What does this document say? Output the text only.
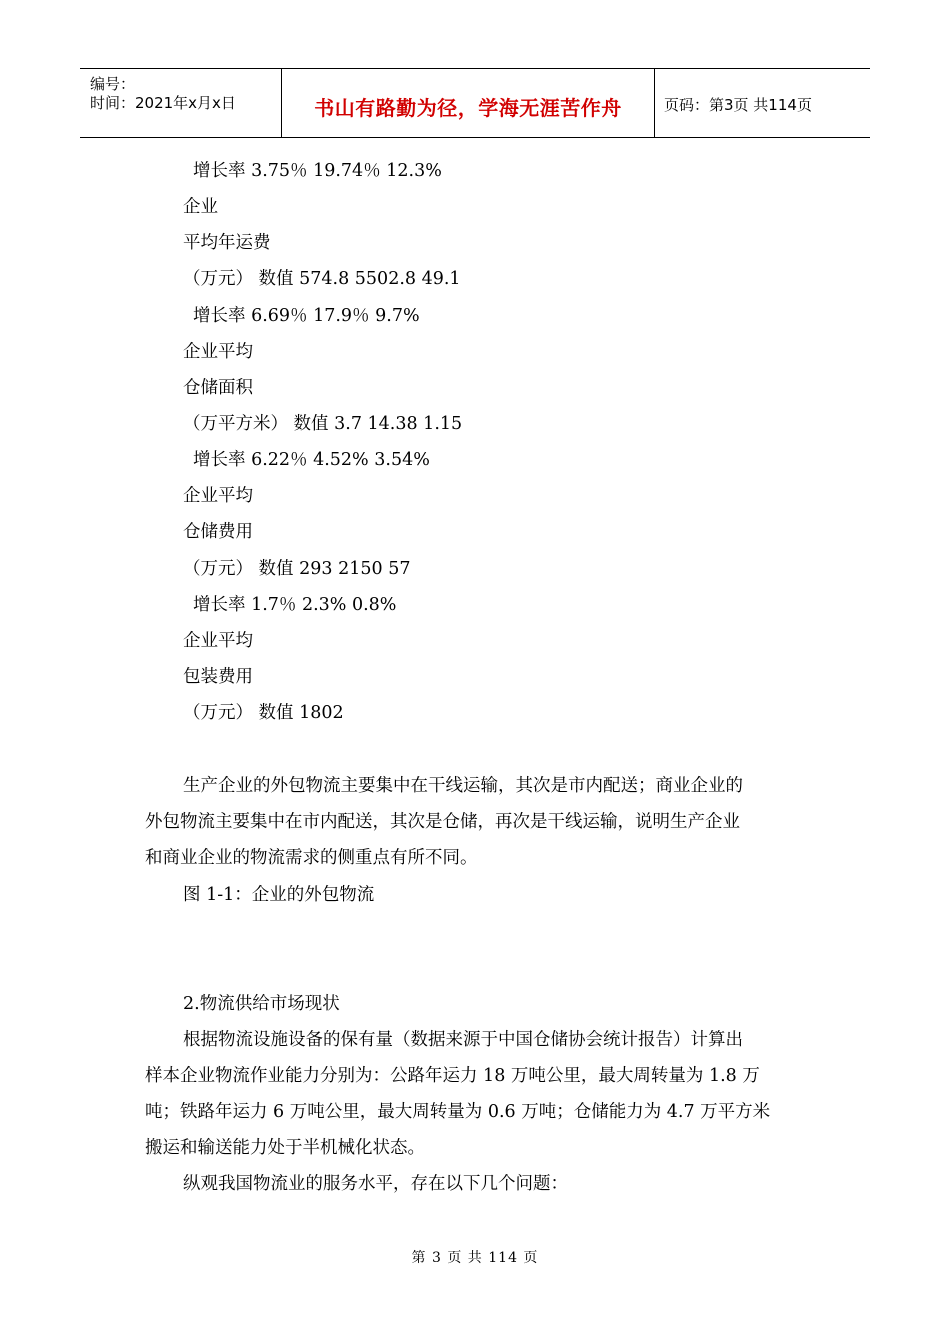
编号：
时间：2021年x月x日	书山有路勤为径，学海无涯苦作舟	页码：第3页 共114页
增长率 3.75％ 19.74％ 12.3%
企业
平均年运费
（万元） 数值 574.8 5502.8 49.1
增长率 6.69％ 17.9％ 9.7%
企业平均
仓储面积
（万平方米） 数值 3.7 14.38 1.15
增长率 6.22％ 4.52% 3.54%
企业平均
仓储费用
（万元） 数值 293 2150 57
增长率 1.7％ 2.3% 0.8%
企业平均
包装费用
（万元） 数值 1802
生产企业的外包物流主要集中在干线运输，其次是市内配送；商业企业的
外包物流主要集中在市内配送，其次是仓储，再次是干线运输，说明生产企业
和商业企业的物流需求的侧重点有所不同。
图 1-1：企业的外包物流
2.物流供给市场现状
根据物流设施设备的保有量（数据来源于中国仓储协会统计报告）计算出
样本企业物流作业能力分别为：公路年运力 18 万吨公里，最大周转量为 1.8 万
吨；铁路年运力 6 万吨公里，最大周转量为 0.6 万吨；仓储能力为 4.7 万平方米
搬运和输送能力处于半机械化状态。
纵观我国物流业的服务水平，存在以下几个问题：
第 3 页 共 114 页
